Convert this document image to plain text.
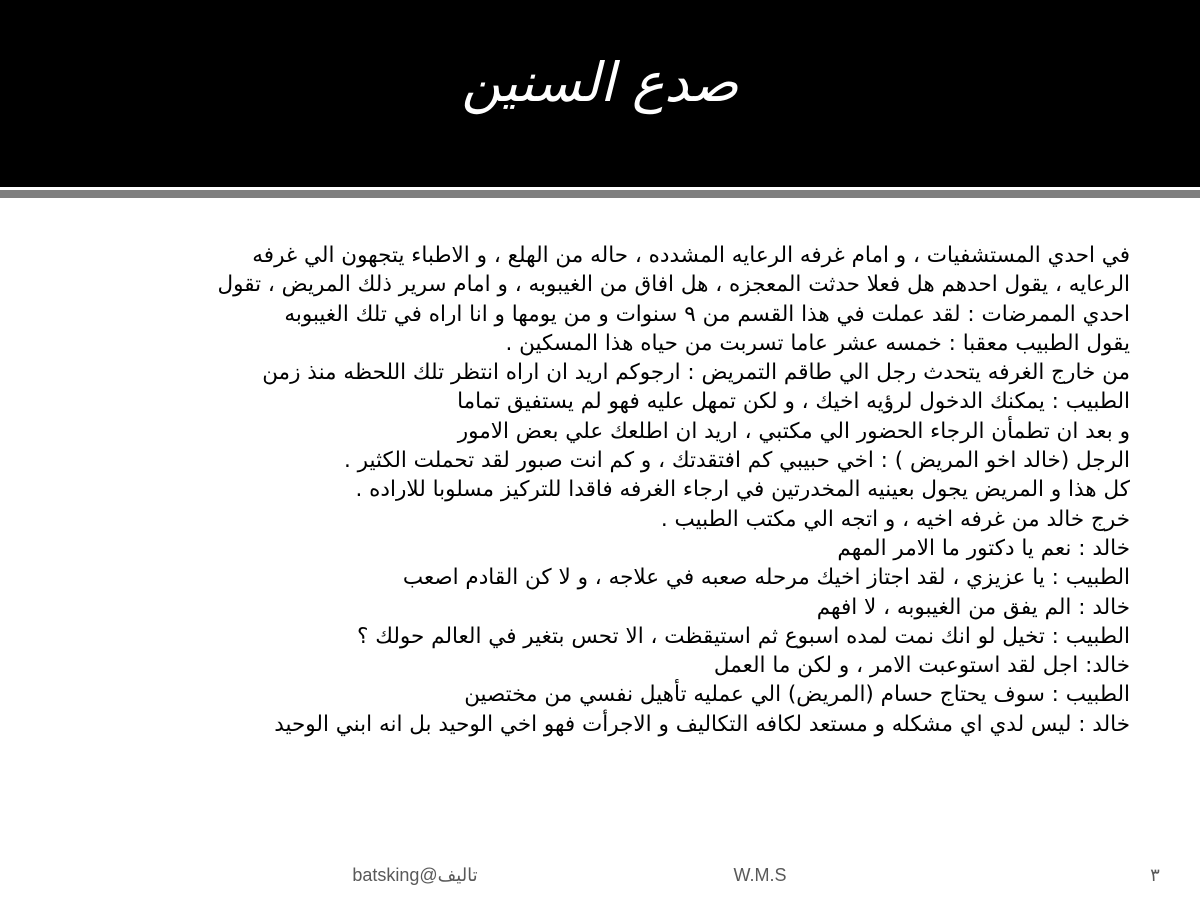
صدع السنين
في احدي المستشفيات ، و امام غرفه الرعايه المشدده ، حاله من الهلع ، و الاطباء يتجهون الي غرفه
الرعايه ، يقول احدهم هل فعلا حدثت المعجزه ، هل افاق من الغيبوبه ، و امام سرير ذلك المريض ، تقول
احدي الممرضات : لقد عملت في هذا القسم من ٩ سنوات و من يومها و انا اراه في تلك الغيبوبه
يقول الطبيب معقبا : خمسه عشر عاما تسربت من حياه هذا المسكين .
من خارج الغرفه يتحدث رجل الي طاقم التمريض : ارجوكم اريد ان اراه انتظر تلك اللحظه منذ زمن
الطبيب : يمكنك الدخول لرؤيه اخيك ، و لكن تمهل عليه فهو لم يستفيق تماما
و بعد ان تطمأن الرجاء الحضور الي مكتبي ، اريد ان اطلعك علي بعض الامور
الرجل (خالد اخو المريض ) : اخي حبيبي كم افتقدتك ، و كم انت صبور لقد تحملت الكثير .
كل هذا و المريض يجول بعينيه المخدرتين في ارجاء الغرفه فاقدا للتركيز مسلوبا للاراده .
خرج خالد من غرفه اخيه ، و اتجه الي مكتب الطبيب .
خالد : نعم يا دكتور ما الامر المهم
الطبيب : يا عزيزي ، لقد اجتاز اخيك مرحله صعبه في علاجه ، و لا كن القادم اصعب
خالد : الم يفق من الغيبوبه ، لا افهم
الطبيب : تخيل لو انك نمت لمده اسبوع ثم استيقظت ، الا تحس بتغير في العالم حولك ؟
خالد: اجل لقد استوعبت الامر ، و لكن ما العمل
الطبيب : سوف يحتاج حسام (المريض) الي عمليه تأهيل نفسي من مختصين
خالد : ليس لدي اي مشكله و مستعد لكافه التكاليف و الاجرأت فهو اخي الوحيد بل انه ابني الوحيد
تاليف@batsking	W.M.S	٣
